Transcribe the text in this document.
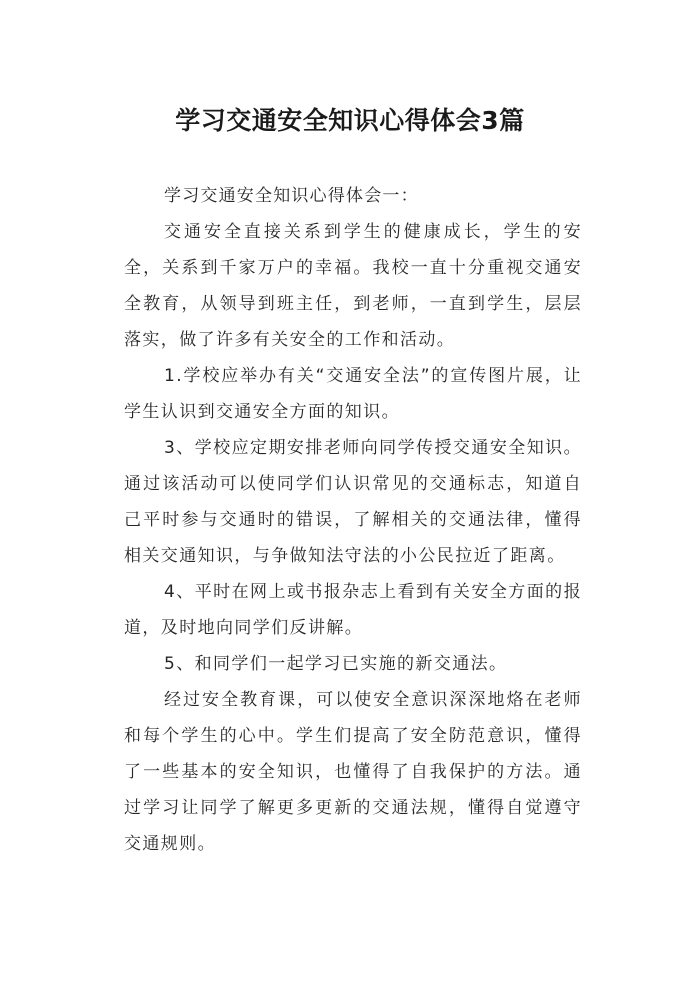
学习交通安全知识心得体会3篇

学习交通安全知识心得体会一：

交通安全直接关系到学生的健康成长，学生的安全，关系到千家万户的幸福。我校一直十分重视交通安全教育，从领导到班主任，到老师，一直到学生，层层落实，做了许多有关安全的工作和活动。

1.学校应举办有关“交通安全法”的宣传图片展，让学生认识到交通安全方面的知识。

3、学校应定期安排老师向同学传授交通安全知识。通过该活动可以使同学们认识常见的交通标志，知道自己平时参与交通时的错误，了解相关的交通法律，懂得相关交通知识，与争做知法守法的小公民拉近了距离。

4、平时在网上或书报杂志上看到有关安全方面的报道，及时地向同学们反讲解。

5、和同学们一起学习已实施的新交通法。

经过安全教育课，可以使安全意识深深地烙在老师和每个学生的心中。学生们提高了安全防范意识，懂得了一些基本的安全知识，也懂得了自我保护的方法。通过学习让同学了解更多更新的交通法规，懂得自觉遵守交通规则。
